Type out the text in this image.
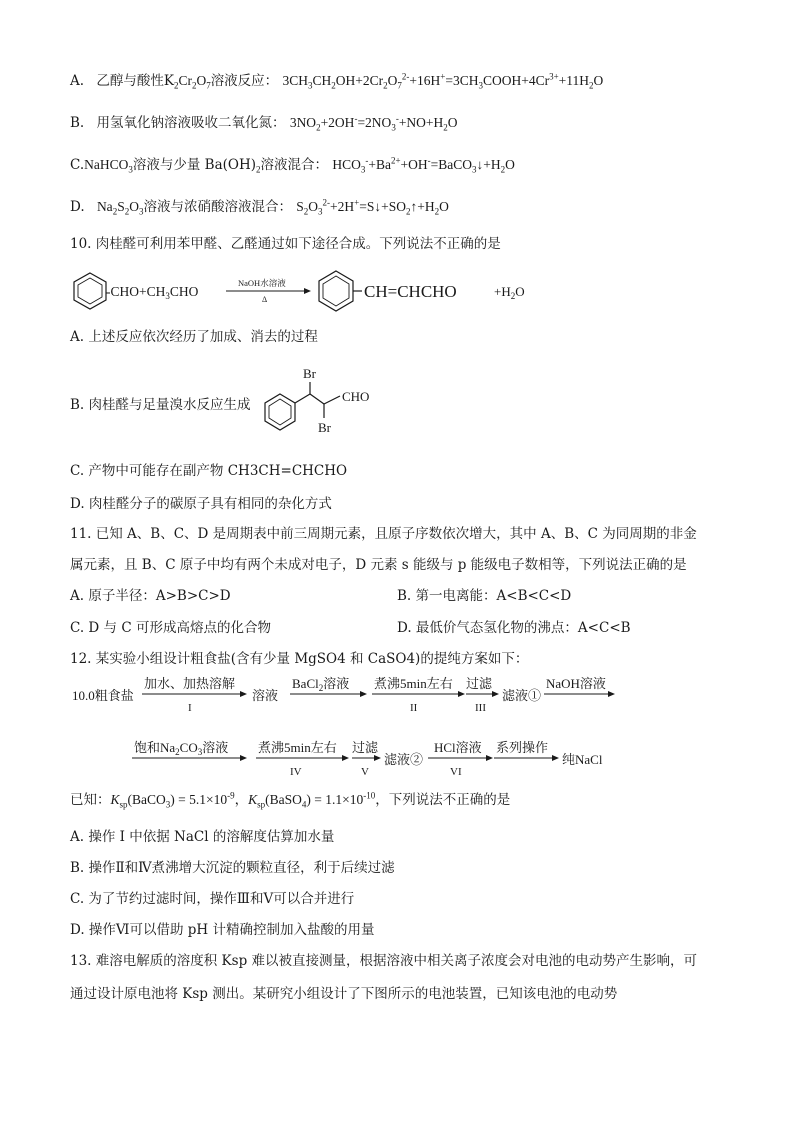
A. 乙醇与酸性$K_2Cr_2O_7$溶液反应： $3CH_3CH_2OH+2Cr_2O_7^{2-}+16H^+=3CH_3COOH+4Cr^{3+}+11H_2O$
B. 用氢氧化钠溶液吸收二氧化氮： $3NO_2+2OH^-=2NO_3^-+NO+H_2O$
C.NaHCO$_3$溶液与少量 $Ba(OH)_2$溶液混合： $HCO_3^-+Ba^{2+}+OH^-=BaCO_3↓+H_2O$
D. $Na_2S_2O_3$溶液与浓硝酸溶液混合： $S_2O_3^{2-}+2H^+=S↓+SO_2↑+H_2O$
10. 肉桂醛可利用苯甲醛、乙醛通过如下途径合成。下列说法不正确的是
$-CHO+CH_3CHO$
NaOH水溶液
Δ	CH=CHCHO	$+H_2O$
A. 上述反应依次经历了加成、消去的过程
B. 肉桂醛与足量溴水反应生成
Br
Br
CHO
C. 产物中可能存在副产物 CH3CH=CHCHO
D. 肉桂醛分子的碳原子具有相同的杂化方式
11. 已知 A、B、C、D 是周期表中前三周期元素，且原子序数依次增大，其中 A、B、C 为同周期的非金
属元素，且 B、C 原子中均有两个未成对电子，D 元素 s 能级与 p 能级电子数相等，下列说法正确的是
A. 原子半径：A>B>C>D	B. 第一电离能：A<B<C<D
C. D 与 C 可形成高熔点的化合物	D. 最低价气态氢化物的沸点：A<C<B
12. 某实验小组设计粗食盐(含有少量 MgSO4 和 CaSO4)的提纯方案如下：
10.0粗食盐
加水、加热溶解
I
溶液
BaCl$_2$溶液 煮沸5min左右
II
过滤
III
滤液①
NaOH溶液
饱和$Na_2CO_3$溶液 煮沸5min左右
IV
过滤
V
滤液②
HCl溶液
VI
系列操作
纯NaCl
已知：$K_{sp}(BaCO_3) = 5.1\times 10^{-9}$，$K_{sp}(BaSO_4) = 1.1\times 10^{-10}$，下列说法不正确的是
A. 操作 I 中依据 NaCl 的溶解度估算加水量
B. 操作Ⅱ和Ⅳ煮沸增大沉淀的颗粒直径，利于后续过滤
C. 为了节约过滤时间，操作Ⅲ和Ⅴ可以合并进行
D. 操作Ⅵ可以借助 pH 计精确控制加入盐酸的用量
13. 难溶电解质的溶度积 Ksp 难以被直接测量，根据溶液中相关离子浓度会对电池的电动势产生影响，可
通过设计原电池将 Ksp 测出。某研究小组设计了下图所示的电池装置，已知该电池的电动势
